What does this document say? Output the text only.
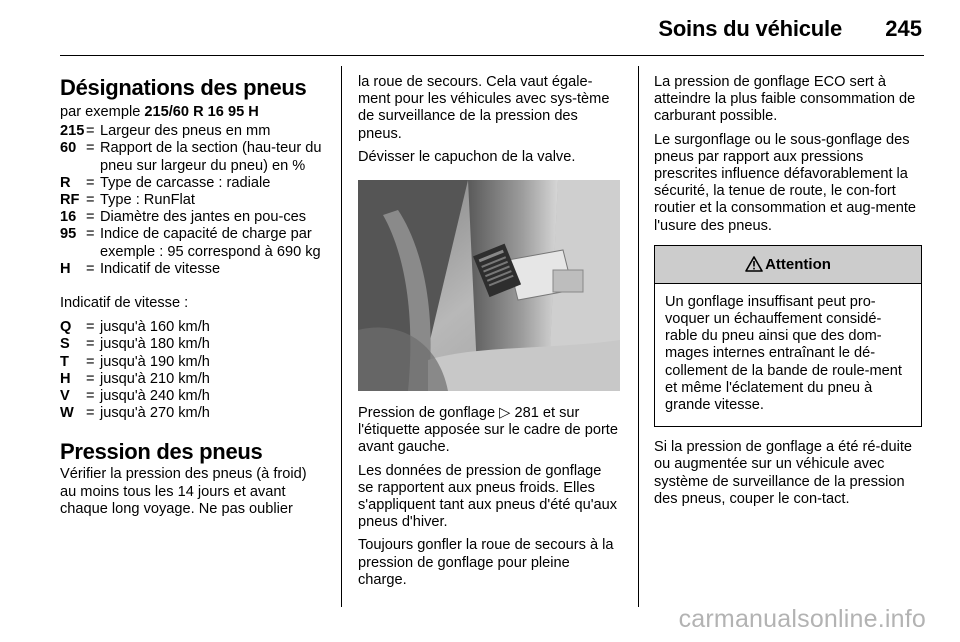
Soins du véhicule 245
Désignations des pneus

par exemple 215/60 R 16 95 H

215 = Largeur des pneus en mm
60 = Rapport de la section (hau-teur du pneu sur largeur du pneu) en %
R	= Type de carcasse : radiale
RF = Type : RunFlat
16 = Diamètre des jantes en pou-ces
95 = Indice de capacité de charge par exemple : 95 correspond à 690 kg
H	= Indicatif de vitesse

Indicatif de vitesse :

Q	= jusqu'à 160 km/h
S	= jusqu'à 180 km/h
T	= jusqu'à 190 km/h
H	= jusqu'à 210 km/h
V	= jusqu'à 240 km/h
W = jusqu'à 270 km/h
Pression des pneus

Vérifier la pression des pneus (à froid) au moins tous les 14 jours et avant chaque long voyage. Ne pas oublier

la roue de secours. Cela vaut égale-ment pour les véhicules avec sys-tème de surveillance de la pression des pneus.

Dévisser le capuchon de la valve.

Pression de gonflage ▷ 281 et sur l'étiquette apposée sur le cadre de porte avant gauche.

Les données de pression de gonflage se rapportent aux pneus froids. Elles s'appliquent tant aux pneus d'été qu'aux pneus d'hiver.

Toujours gonfler la roue de secours à la pression de gonflage pour pleine charge.

La pression de gonflage ECO sert à atteindre la plus faible consommation de carburant possible.

Le surgonflage ou le sous-gonflage des pneus par rapport aux pressions prescrites influence défavorablement la sécurité, la tenue de route, le con-fort routier et la consommation et aug-mente l'usure des pneus.

Attention

Un gonflage insuffisant peut pro-voquer un échauffement considé-rable du pneu ainsi que des dom-mages internes entraînant le dé-collement de la bande de roule-ment et même l'éclatement du pneu à grande vitesse.

Si la pression de gonflage a été ré-duite ou augmentée sur un véhicule avec système de surveillance de la pression des pneus, couper le con-tact.

carmanualsonline.info
